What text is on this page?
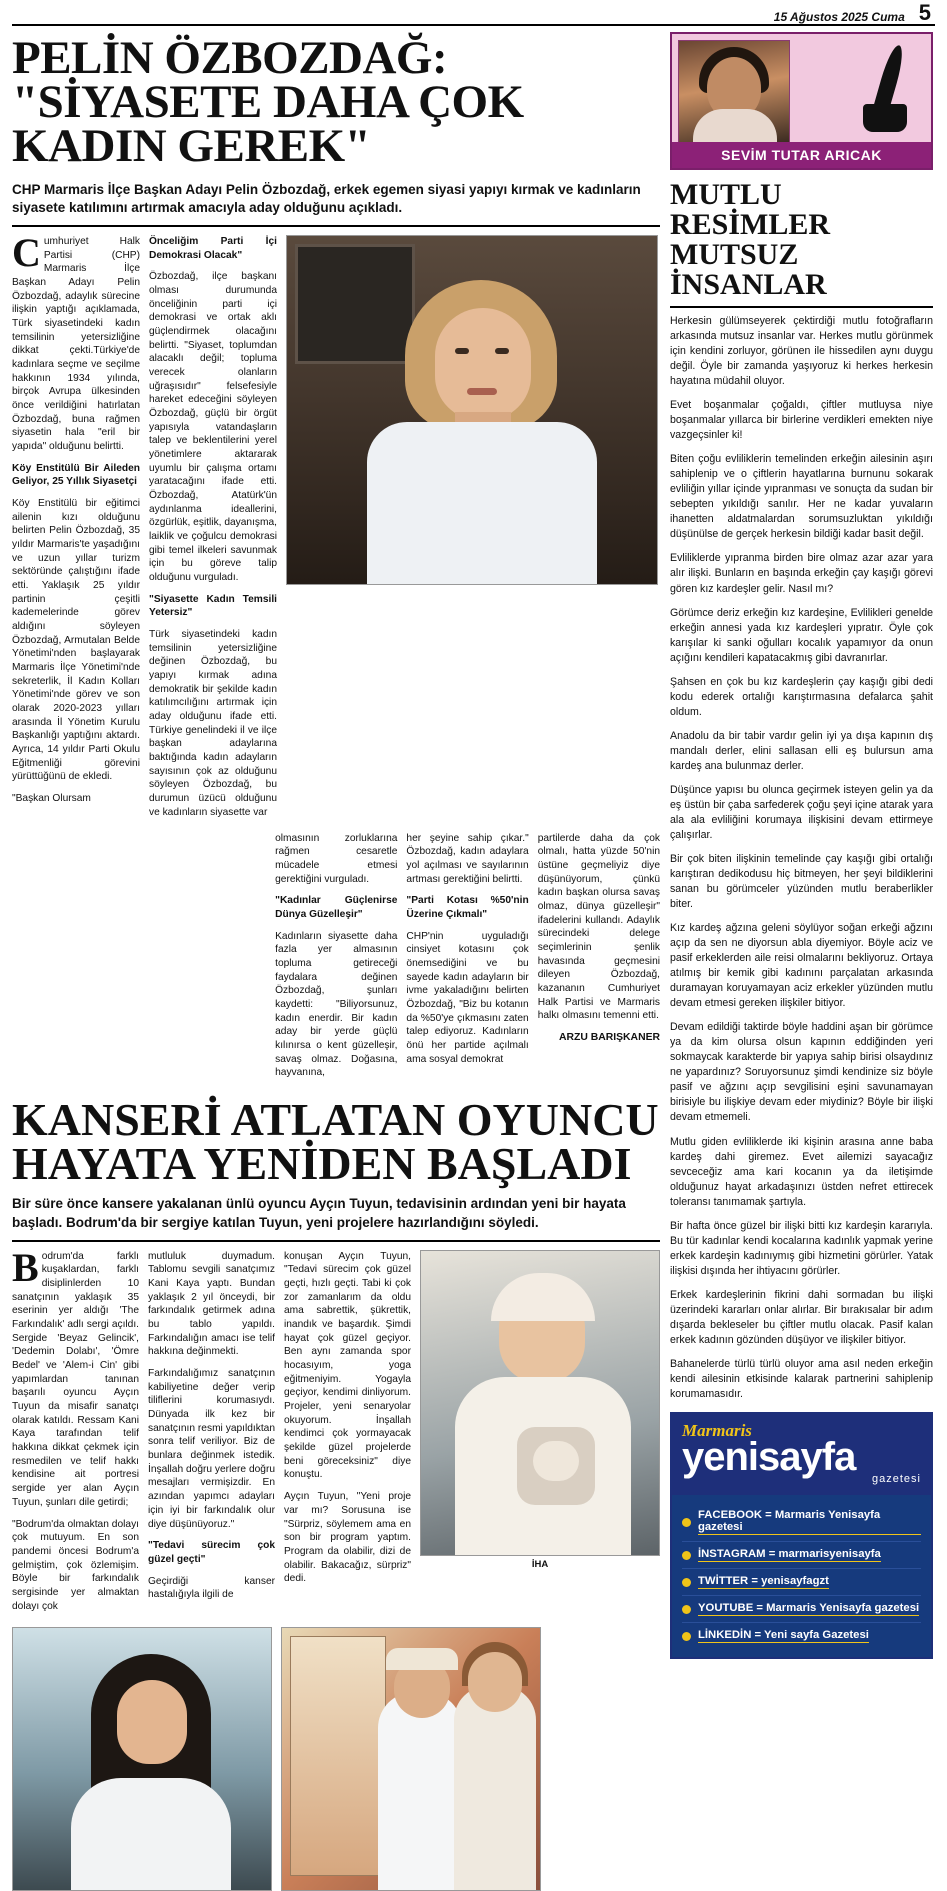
15 Ağustos 2025 Cuma 5
PELİN ÖZBOZDAĞ: "SİYASETE DAHA ÇOK KADIN GEREK"
CHP Marmaris İlçe Başkan Adayı Pelin Özbozdağ, erkek egemen siyasi yapıyı kırmak ve kadınların siyasete katılımını artırmak amacıyla aday olduğunu açıkladı.

Cumhuriyet Halk Partisi (CHP) Marmaris İlçe Başkan Adayı Pelin Özbozdağ, adaylık sürecine ilişkin yaptığı açıklamada, Türk siyasetindeki kadın temsilinin yetersizliğine dikkat çekti.Türkiye'de kadınlara seçme ve seçilme hakkının 1934 yılında, birçok Avrupa ülkesinden önce verildiğini hatırlatan Özbozdağ, buna rağmen siyasetin hala "eril bir yapıda" olduğunu belirtti.

Köy Enstitülü Bir Aileden Geliyor, 25 Yıllık Siyasetçi

Köy Enstitülü bir eğitimci ailenin kızı olduğunu belirten Pelin Özbozdağ, 35 yıldır Marmaris'te yaşadığını ve uzun yıllar turizm sektöründe çalıştığını ifade etti. Yaklaşık 25 yıldır partinin çeşitli kademelerinde görev aldığını söyleyen Özbozdağ, Armutalan Belde Yönetimi'nden başlayarak Marmaris İlçe Yönetimi'nde sekreterlik, İl Kadın Kolları Yönetimi'nde görev ve son olarak 2020-2023 yılları arasında İl Yönetim Kurulu Başkanlığı yaptığını aktardı. Ayrıca, 14 yıldır Parti Okulu Eğitmenliği görevini yürüttüğünü de ekledi.

"Başkan Olursam

Önceliğim Parti İçi Demokrasi Olacak"

Özbozdağ, ilçe başkanı olması durumunda önceliğinin parti içi demokrasi ve ortak aklı güçlendirmek olacağını belirtti. "Siyaset, toplumdan alacaklı değil; topluma verecek olanların uğraşısıdır" felsefesiyle hareket edeceğini söyleyen Özbozdağ, güçlü bir örgüt yapısıyla vatandaşların talep ve beklentilerini yerel yönetimlere aktararak uyumlu bir çalışma ortamı yaratacağını ifade etti. Özbozdağ, Atatürk'ün aydınlanma ideallerini, özgürlük, eşitlik, dayanışma, laiklik ve çoğulcu demokrasi gibi temel ilkeleri savunmak için bu göreve talip olduğunu vurguladı.

"Siyasette Kadın Temsili Yetersiz"

Türk siyasetindeki kadın temsilinin yetersizliğine değinen Özbozdağ, bu yapıyı kırmak adına demokratik bir şekilde kadın katılımcılığını artırmak için aday olduğunu ifade etti. Türkiye genelindeki il ve ilçe başkan adaylarına baktığında kadın adayların sayısının çok az olduğunu söyleyen Özbozdağ, bu durumun üzücü olduğunu ve kadınların siyasette var

olmasının zorluklarına rağmen cesaretle mücadele etmesi gerektiğini vurguladı.

"Kadınlar Güçlenirse Dünya Güzelleşir"

Kadınların siyasette daha fazla yer almasının topluma getireceği faydalara değinen Özbozdağ, şunları kaydetti: "Biliyorsunuz, kadın enerdir. Bir kadın aday bir yerde güçlü kılınırsa o kent güzelleşir, savaş olmaz. Doğasına, hayvanına,

her şeyine sahip çıkar." Özbozdağ, kadın adaylara yol açılması ve sayılarının artması gerektiğini belirtti.

"Parti Kotası %50'nin Üzerine Çıkmalı"

CHP'nin uyguladığı cinsiyet kotasını çok önemsediğini ve bu sayede kadın adayların bir ivme yakaladığını belirten Özbozdağ, "Biz bu kotanın da %50'ye çıkmasını zaten talep ediyoruz. Kadınların önü her partide açılmalı ama sosyal demokrat

partilerde daha da çok olmalı, hatta yüzde 50'nin üstüne geçmeliyiz diye düşünüyorum, çünkü kadın başkan olursa savaş olmaz, dünya güzelleşir" ifadelerini kullandı. Adaylık sürecindeki delege seçimlerinin şenlik havasında geçmesini dileyen Özbozdağ, kazananın Cumhuriyet Halk Partisi ve Marmaris halkı olmasını temenni etti.

ARZU BARIŞKANER
KANSERİ ATLATAN OYUNCU HAYATA YENİDEN BAŞLADI
Bir süre önce kansere yakalanan ünlü oyuncu Ayçın Tuyun, tedavisinin ardından yeni bir hayata başladı. Bodrum'da bir sergiye katılan Tuyun, yeni projelere hazırlandığını söyledi.

Bodrum'da farklı kuşaklardan, farklı disiplinlerden 10 sanatçının yaklaşık 35 eserinin yer aldığı 'The Farkındalık' adlı sergi açıldı. Sergide 'Beyaz Gelincik', 'Dedemin Dolabı', 'Ömre Bedel' ve 'Alem-i Cin' gibi yapımlardan tanınan başarılı oyuncu Ayçın Tuyun da misafir sanatçı olarak katıldı. Ressam Kani Kaya tarafından telif hakkına dikkat çekmek için resmedilen ve telif hakkı kendisine ait portresi sergide yer alan Ayçın Tuyun, şunları dile getirdi;

"Bodrum'da olmaktan dolayı çok mutuyum. En son pandemi öncesi Bodrum'a gelmiştim, çok özlemişim. Böyle bir farkındalık sergisinde yer almaktan dolayı çok

mutluluk duymadum. Tablomu sevgili sanatçımız Kani Kaya yaptı. Bundan yaklaşık 2 yıl önceydi, bir farkındalık getirmek adına bu tablo yapıldı. Farkındalığın amacı ise telif hakkına değinmekti.

Farkındalığımız sanatçının kabiliyetine değer verip tiliflerini korumasıydı. Dünyada ilk kez bir sanatçının resmi yapıldıktan sonra telif veriliyor. Biz de bunlara değinmek istedik. İnşallah doğru yerlere doğru mesajları vermişizdir. En azından yapımcı adayları için iyi bir farkındalık olur diye düşünüyoruz."

"Tedavi sürecim çok güzel geçti"

Geçirdiği kanser hastalığıyla ilgili de

konuşan Ayçın Tuyun, "Tedavi sürecim çok güzel geçti, hızlı geçti. Tabi ki çok zor zamanlarım da oldu ama sabrettik, şükrettik, inandık ve başardık. Şimdi hayat çok güzel geçiyor. Ben aynı zamanda spor hocasıyım, yoga eğitmeniyim. Yogayla geçiyor, kendimi dinliyorum. Projeler, yeni senaryolar okuyorum. İnşallah kendimci çok yormayacak şekilde güzel projelerde beni göreceksiniz" diye konuştu.

Ayçın Tuyun, "Yeni proje var mı? Sorusuna ise "Sürpriz, söylemem ama en son bir program yaptım. Program da olabilir, dizi de olabilir. Bakacağız, sürpriz" dedi.

İHA
SEVİM TUTAR ARICAK
MUTLU RESİMLER MUTSUZ İNSANLAR

Herkesin gülümseyerek çektirdiği mutlu fotoğrafların arkasında mutsuz insanlar var. Herkes mutlu görünmek için kendini zorluyor, görünen ile hissedilen aynı duygu değil. Öyle bir zamanda yaşıyoruz ki herkes herkesin hayatına müdahil oluyor.

Evet boşanmalar çoğaldı, çiftler mutluysa niye boşanmalar yıllarca bir birlerine verdikleri emekten niye vazgeçsinler ki!

Biten çoğu evliliklerin temelinden erkeğin ailesinin aşırı sahiplenip ve o çiftlerin hayatlarına burnunu sokarak evliliğin yıllar içinde yıpranması ve sonuçta da sudan bir sebepten yıkıldığı sanılır. Her ne kadar yuvaların ihanetten aldatmalardan sorumsuzluktan yıkıldığı düşünülse de gerçek herkesin bildiği kadar basit değil.

Evliliklerde yıpranma birden bire olmaz azar azar yara alır ilişki. Bunların en başında erkeğin çay kaşığı görevi gören kız kardeşler gelir. Nasıl mı?

Görümce deriz erkeğin kız kardeşine, Evlilikleri genelde erkeğin annesi yada kız kardeşleri yıpratır. Öyle çok karışılar ki sanki oğulları kocalık yapamıyor da onun açığını kendileri kapatacakmış gibi davranırlar.

Şahsen en çok bu kız kardeşlerin çay kaşığı gibi dedi kodu ederek ortalığı karıştırmasına defalarca şahit oldum.

Anadolu da bir tabir vardır gelin iyi ya dışa kapının dış mandalı derler, elini sallasan elli eş bulursun ama kardeş ana bulunmaz derler.

Düşünce yapısı bu olunca geçirmek isteyen gelin ya da eş üstün bir çaba sarfederek çoğu şeyi içine atarak yara ala ala evliliğini korumaya ilişkisini devam ettirmeye çalışırlar.

Bir çok biten ilişkinin temelinde çay kaşığı gibi ortalığı karıştıran dedikodusu hiç bitmeyen, her şeyi bildiklerini sanan bu görümceler yüzünden mutlu beraberlikler biter.

Kız kardeş ağzına geleni söylüyor soğan erkeği ağzını açıp da sen ne diyorsun abla diyemiyor. Böyle aciz ve pasif erkeklerden aile reisi olmalarını bekliyoruz. Ortaya atılmış bir kemik gibi kadınını parçalatan arkasında duramayan koruyamayan aciz erkekler yüzünden mutlu devam etmesi gereken ilişkiler bitiyor.

Devam edildiği taktirde böyle haddini aşan bir görümce ya da kim olursa olsun kapının eddiğinden yeri sokmaycak karakterde bir yapıya sahip birisi olsaydınız ne yapardınız? Soruyorsunuz şimdi kendinize siz böyle pasif ve ağzını açıp sevgilisini eşini savunamayan birisiyle bu ilişkiye devam eder miydiniz? Böyle bir ilişki devam etmemeli.

Mutlu giden evliliklerde iki kişinin arasına anne baba kardeş dahi giremez. Evet ailemizi sayacağız sevceceğiz ama kari kocanın ya da iletişimde olduğunuz hayat arkadaşınızı üstden nefret ettirecek toleransı tanımamak şartıyla.

Bir hafta önce güzel bir ilişki bitti kız kardeşin kararıyla. Bu tür kadınlar kendi kocalarına kadınlık yapmak yerine erkek kardeşin kadınıymış gibi hizmetini görürler. Yatak ilişkisi dışında her ihtiyacını görürler.

Erkek kardeşlerinin fikrini dahi sormadan bu ilişki üzerindeki kararları onlar alırlar. Bir bırakısalar bir adım dışarda bekleseler bu çiftler mutlu olacak. Pasif kalan erkek kadının gözünden düşüyor ve ilişkiler bitiyor.

Bahanelerde türlü türlü oluyor ama asıl neden erkeğin kendi ailesinin etkisinde kalarak partnerini sahiplenip korumamasıdır.

Marmaris
yenisayfa	gazetesi
FACEBOOK = Marmaris Yenisayfa gazetesi
İNSTAGRAM = marmarisyenisayfa
TWİTTER = yenisayfagzt
YOUTUBE = Marmaris Yenisayfa gazetesi
LİNKEDİN = Yeni sayfa Gazetesi
